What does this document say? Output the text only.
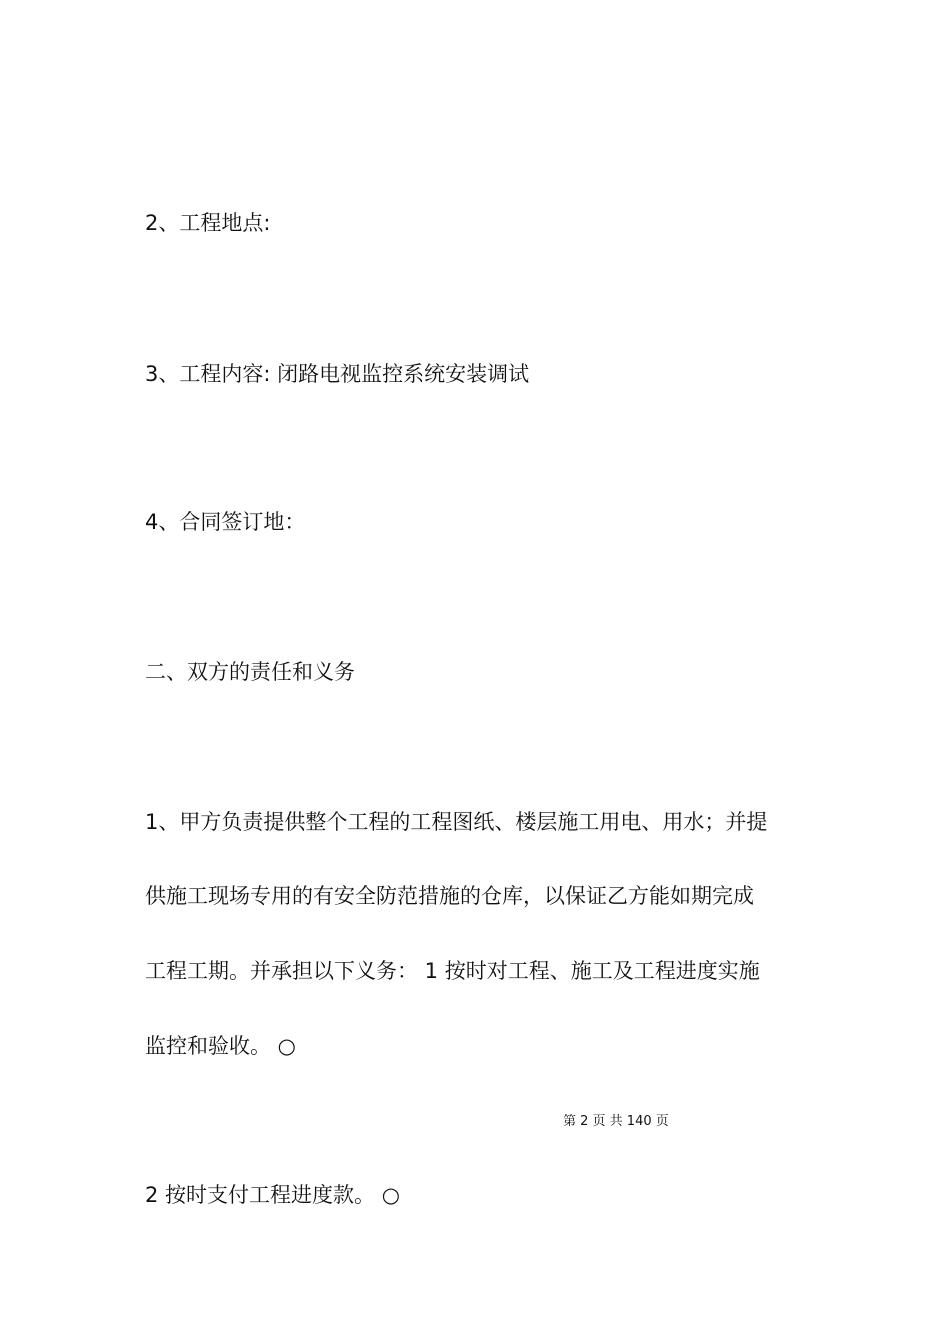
2、工程地点:

3、工程内容: 闭路电视监控系统安装调试

4、合同签订地：

二、双方的责任和义务

1、甲方负责提供整个工程的工程图纸、楼层施工用电、用水；并提

供施工现场专用的有安全防范措施的仓库，以保证乙方能如期完成

工程工期。并承担以下义务： 1 按时对工程、施工及工程进度实施

监控和验收。 ○

第 2 页 共 140 页

2 按时支付工程进度款。 ○
